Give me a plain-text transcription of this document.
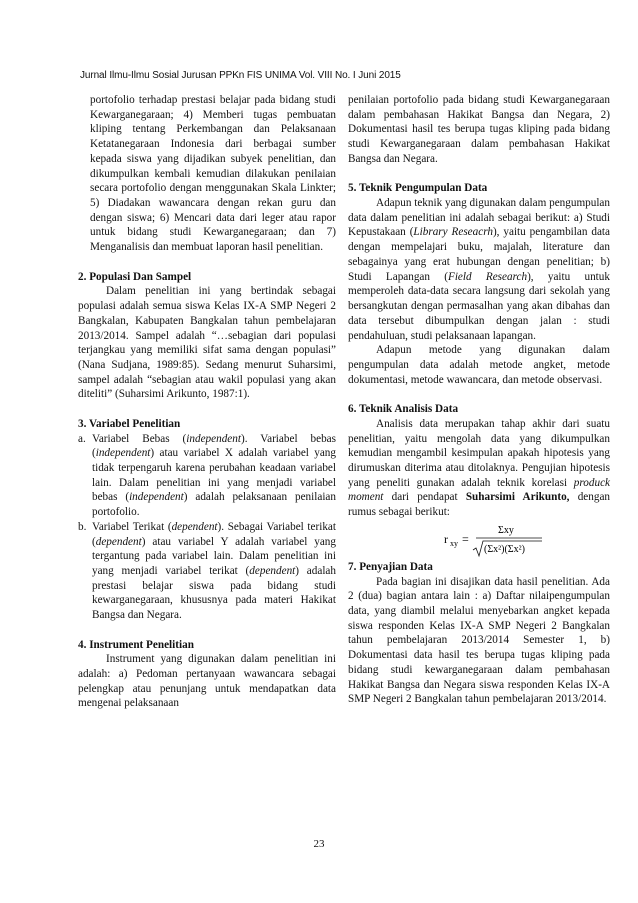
Jurnal Ilmu-Ilmu Sosial Jurusan PPKn FIS UNIMA Vol. VIII No. I Juni 2015

portofolio terhadap prestasi belajar pada bidang studi Kewarganegaraan; 4) Memberi tugas pembuatan kliping tentang Perkembangan dan Pelaksanaan Ketatanegaraan Indonesia dari berbagai sumber kepada siswa yang dijadikan subyek penelitian, dan dikumpulkan kembali kemudian dilakukan penilaian secara portofolio dengan menggunakan Skala Linkter; 5) Diadakan wawancara dengan rekan guru dan dengan siswa; 6) Mencari data dari leger atau rapor untuk bidang studi Kewarganegaraan; dan 7) Menganalisis dan membuat laporan hasil penelitian.

2. Populasi Dan Sampel

Dalam penelitian ini yang bertindak sebagai populasi adalah semua siswa Kelas IX-A SMP Negeri 2 Bangkalan, Kabupaten Bangkalan tahun pembelajaran 2013/2014. Sampel adalah “…sebagian dari populasi terjangkau yang memiliki sifat sama dengan populasi” (Nana Sudjana, 1989:85). Sedang menurut Suharsimi, sampel adalah “sebagian atau wakil populasi yang akan diteliti” (Suharsimi Arikunto, 1987:1).

3. Variabel Penelitian

a. Variabel Bebas (independent). Variabel bebas (independent) atau variabel X adalah variabel yang tidak terpengaruh karena perubahan keadaan variabel lain. Dalam penelitian ini yang menjadi variabel bebas (independent) adalah pelaksanaan penilaian portofolio.

b. Variabel Terikat (dependent). Sebagai Variabel terikat (dependent) atau variabel Y adalah variabel yang tergantung pada variabel lain. Dalam penelitian ini yang menjadi variabel terikat (dependent) adalah prestasi belajar siswa pada bidang studi kewarganegaraan, khususnya pada materi Hakikat Bangsa dan Negara.

4. Instrument Penelitian

Instrument yang digunakan dalam penelitian ini adalah: a) Pedoman pertanyaan wawancara sebagai pelengkap atau penunjang untuk mendapatkan data mengenai pelaksanaan

penilaian portofolio pada bidang studi Kewarganegaraan dalam pembahasan Hakikat Bangsa dan Negara, 2) Dokumentasi hasil tes berupa tugas kliping pada bidang studi Kewarganegaraan dalam pembahasan Hakikat Bangsa dan Negara.

5. Teknik Pengumpulan Data

Adapun teknik yang digunakan dalam pengumpulan data dalam penelitian ini adalah sebagai berikut: a) Studi Kepustakaan (Library Reseacrh), yaitu pengambilan data dengan mempelajari buku, majalah, literature dan sebagainya yang erat hubungan dengan penelitian; b) Studi Lapangan (Field Research), yaitu untuk memperoleh data-data secara langsung dari sekolah yang bersangkutan dengan permasalhan yang akan dibahas dan data tersebut dibumpulkan dengan jalan : studi pendahuluan, studi pelaksanaan lapangan.

Adapun metode yang digunakan dalam pengumpulan data adalah metode angket, metode dokumentasi, metode wawancara, dan metode observasi.

6. Teknik Analisis Data

Analisis data merupakan tahap akhir dari suatu penelitian, yaitu mengolah data yang dikumpulkan kemudian mengambil kesimpulan apakah hipotesis yang dirumuskan diterima atau ditolaknya. Pengujian hipotesis yang peneliti gunakan adalah teknik korelasi produck moment dari pendapat Suharsimi Arikunto, dengan rumus sebagai berikut:

r xy =
Σxy
(Σx²)(Σx²)

7. Penyajian Data

Pada bagian ini disajikan data hasil penelitian. Ada 2 (dua) bagian antara lain : a) Daftar nilaipengumpulan data, yang diambil melalui menyebarkan angket kepada siswa responden Kelas IX-A SMP Negeri 2 Bangkalan tahun pembelajaran 2013/2014 Semester 1, b) Dokumentasi data hasil tes berupa tugas kliping pada bidang studi kewarganegaraan dalam pembahasan Hakikat Bangsa dan Negara siswa responden Kelas IX-A SMP Negeri 2 Bangkalan tahun pembelajaran 2013/2014.

23
